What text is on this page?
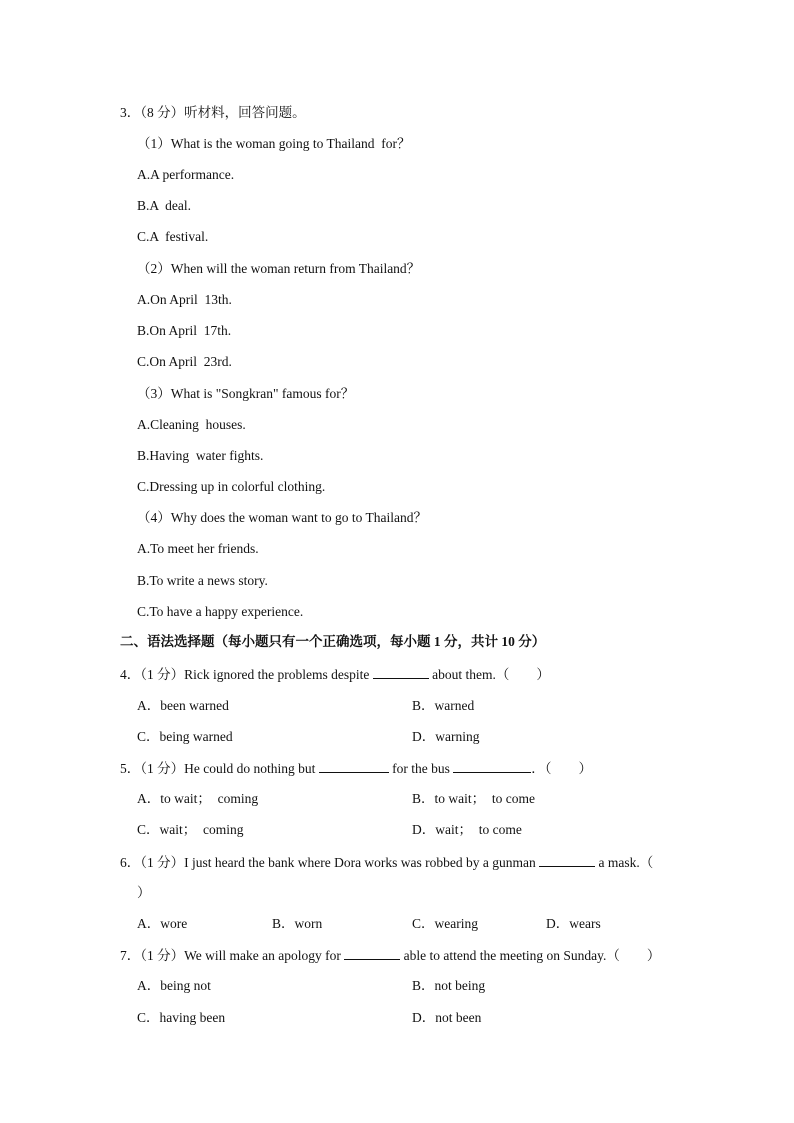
3．（8 分）听材料，回答问题。
（1）What is the woman going to Thailand  for？
A.A performance.
B.A  deal.
C.A  festival.
（2）When will the woman return from Thailand？
A.On April  13th.
B.On April  17th.
C.On April  23rd.
（3）What is "Songkran" famous for？
A.Cleaning  houses.
B.Having  water fights.
C.Dressing up in colorful clothing.
（4）Why does the woman want to go to Thailand？
A.To meet her friends.
B.To write a news story.
C.To have a happy experience.
二、语法选择题（每小题只有一个正确选项，每小题 1 分，共计 10 分）
4．（1 分）Rick ignored the problems despite	about them.（　　）
A．been warned	B．warned
C．being warned	D．warning
5．（1 分）He could do nothing but	for the bus	．（　　）
A．to wait；  coming	B．to wait；  to come
C．wait；  coming	D．wait；  to come
6．（1 分）I just heard the bank where Dora works was robbed by a gunman	a mask.（
）
A．wore	B．worn	C．wearing	D．wears
7．（1 分）We will make an apology for	able to attend the meeting on Sunday.（　　）
A．being not	B．not being
C．having been	D．not been
